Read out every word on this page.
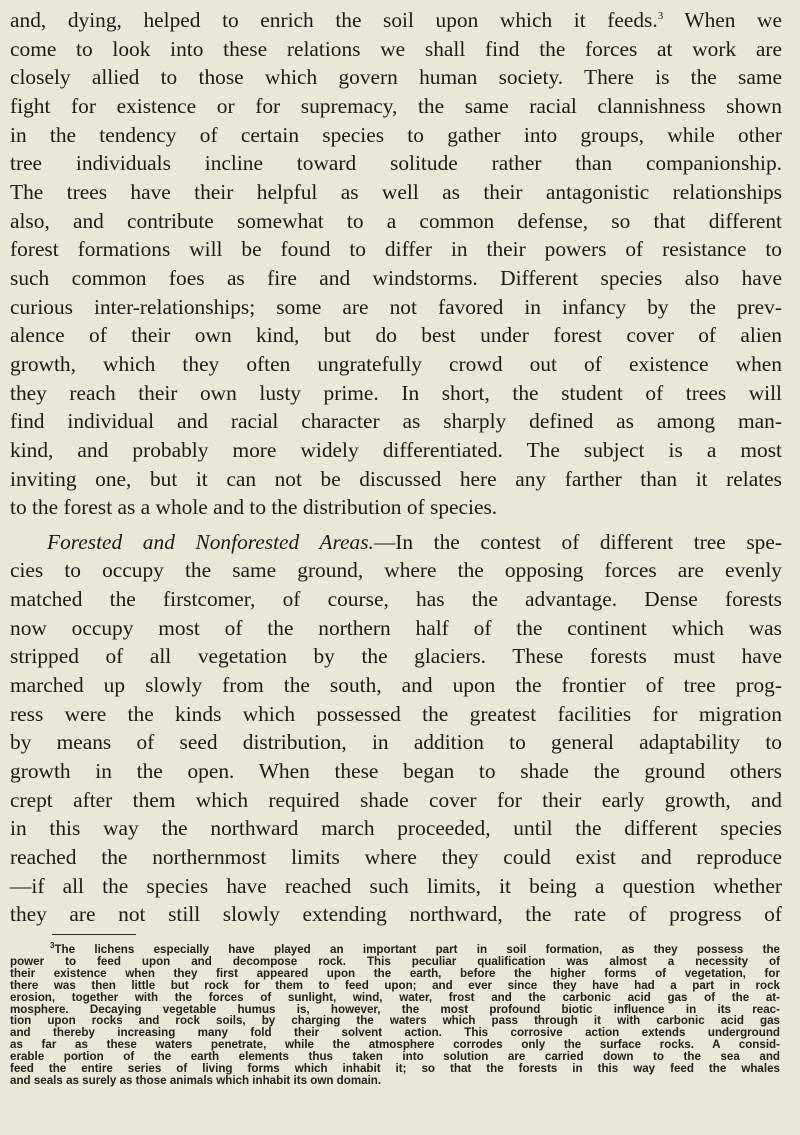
and, dying, helped to enrich the soil upon which it feeds.$^3$ When we
come to look into these relations we shall find the forces at work are
closely allied to those which govern human society. There is the same
fight for existence or for supremacy, the same racial clannishness shown
in the tendency of certain species to gather into groups, while other
tree individuals incline toward solitude rather than companionship.
The trees have their helpful as well as their antagonistic relationships
also, and contribute somewhat to a common defense, so that different
forest formations will be found to differ in their powers of resistance to
such common foes as fire and windstorms. Different species also have
curious inter-relationships; some are not favored in infancy by the prev-
alence of their own kind, but do best under forest cover of alien
growth, which they often ungratefully crowd out of existence when
they reach their own lusty prime. In short, the student of trees will
find individual and racial character as sharply defined as among man-
kind, and probably more widely differentiated. The subject is a most
inviting one, but it can not be discussed here any farther than it relates
to the forest as a whole and to the distribution of species.
Forested and Nonforested Areas.—In the contest of different tree spe-
cies to occupy the same ground, where the opposing forces are evenly
matched the firstcomer, of course, has the advantage. Dense forests
now occupy most of the northern half of the continent which was
stripped of all vegetation by the glaciers. These forests must have
marched up slowly from the south, and upon the frontier of tree prog-
ress were the kinds which possessed the greatest facilities for migration
by means of seed distribution, in addition to general adaptability to
growth in the open. When these began to shade the ground others
crept after them which required shade cover for their early growth, and
in this way the northward march proceeded, until the different species
reached the northernmost limits where they could exist and reproduce
—if all the species have reached such limits, it being a question whether
they are not still slowly extending northward, the rate of progress of
$^3$The lichens especially have played an important part in soil formation, as they possess the
power to feed upon and decompose rock. This peculiar qualification was almost a necessity of
their existence when they first appeared upon the earth, before the higher forms of vegetation, for
there was then little but rock for them to feed upon; and ever since they have had a part in rock
erosion, together with the forces of sunlight, wind, water, frost and the carbonic acid gas of the at-
mosphere. Decaying vegetable humus is, however, the most profound biotic influence in its reac-
tion upon rocks and rock soils, by charging the waters which pass through it with carbonic acid gas
and thereby increasing many fold their solvent action. This corrosive action extends underground
as far as these waters penetrate, while the atmosphere corrodes only the surface rocks. A consid-
erable portion of the earth elements thus taken into solution are carried down to the sea and
feed the entire series of living forms which inhabit it; so that the forests in this way feed the whales
and seals as surely as those animals which inhabit its own domain.
